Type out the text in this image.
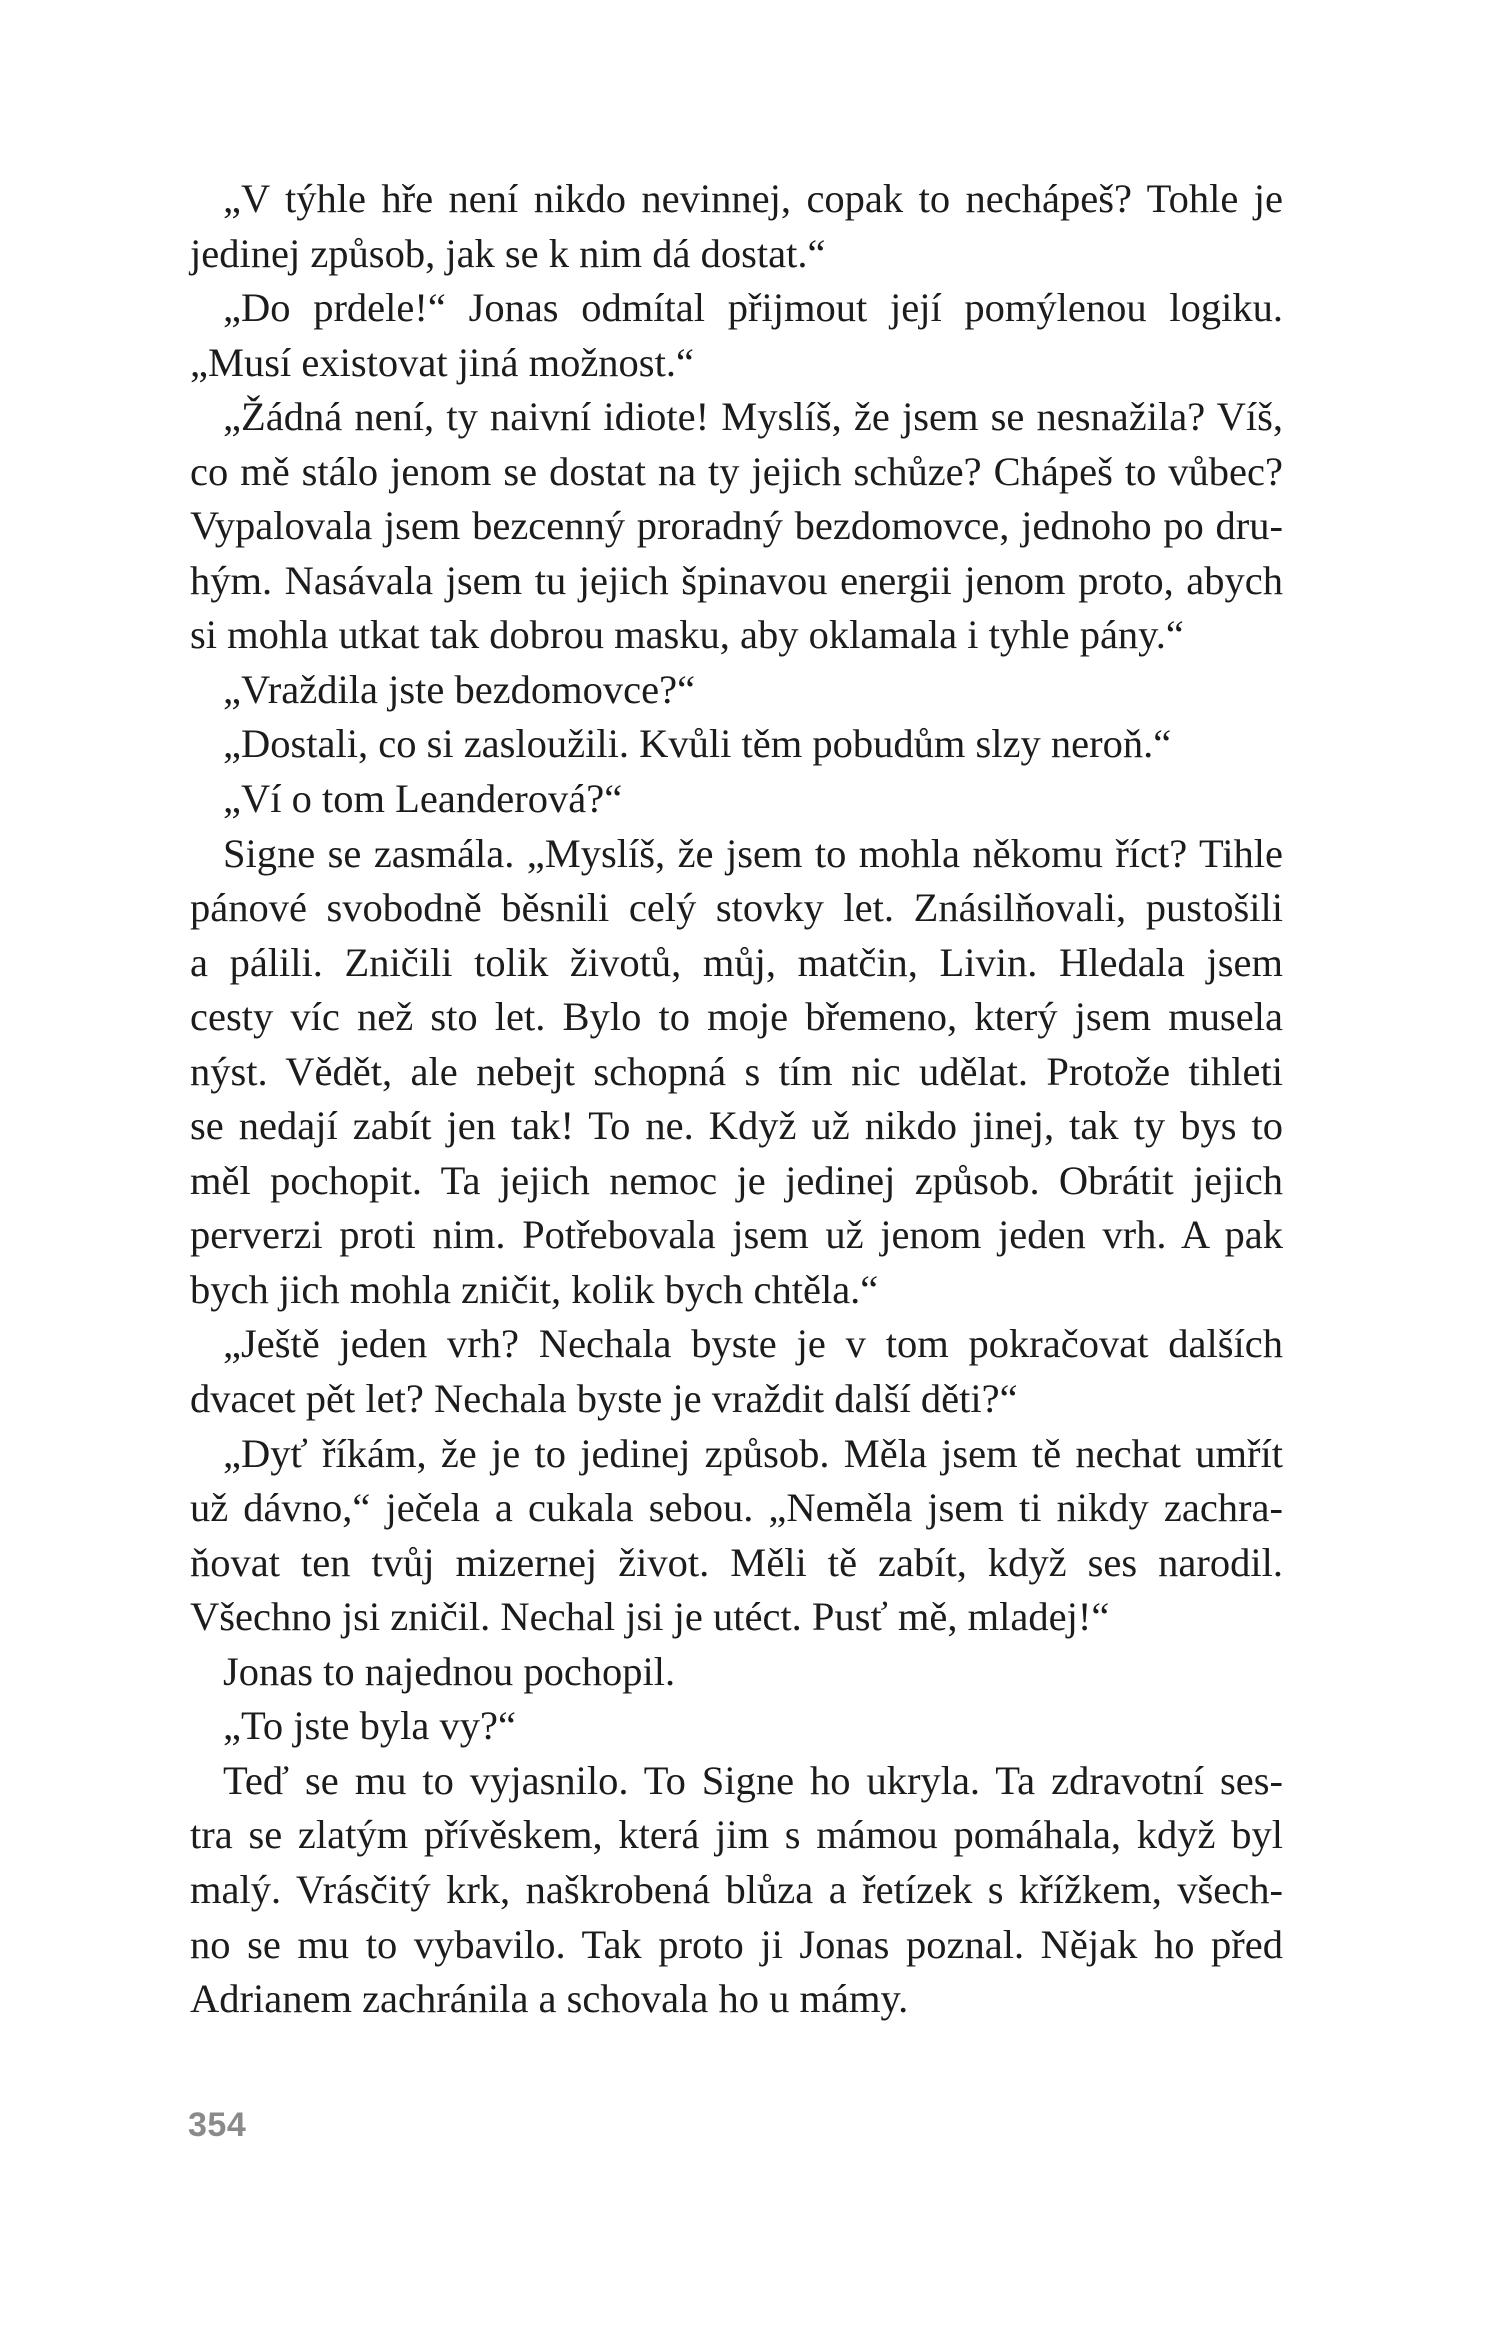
„V týhle hře není nikdo nevinnej, copak to nechápeš? Tohle je
jedinej způsob, jak se k nim dá dostat.“
„Do prdele!“ Jonas odmítal přijmout její pomýlenou logiku.
„Musí existovat jiná možnost.“
„Žádná není, ty naivní idiote! Myslíš, že jsem se nesnažila? Víš,
co mě stálo jenom se dostat na ty jejich schůze? Chápeš to vůbec?
Vypalovala jsem bezcenný proradný bezdomovce, jednoho po dru-
hým. Nasávala jsem tu jejich špinavou energii jenom proto, abych
si mohla utkat tak dobrou masku, aby oklamala i tyhle pány.“
„Vraždila jste bezdomovce?“
„Dostali, co si zasloužili. Kvůli těm pobudům slzy neroň.“
„Ví o tom Leanderová?“
Signe se zasmála. „Myslíš, že jsem to mohla někomu říct? Tihle
pánové svobodně běsnili celý stovky let. Znásilňovali, pustošili
a pálili. Zničili tolik životů, můj, matčin, Livin. Hledala jsem
cesty víc než sto let. Bylo to moje břemeno, který jsem musela
nýst. Vědět, ale nebejt schopná s tím nic udělat. Protože tihleti
se nedají zabít jen tak! To ne. Když už nikdo jinej, tak ty bys to
měl pochopit. Ta jejich nemoc je jedinej způsob. Obrátit jejich
perverzi proti nim. Potřebovala jsem už jenom jeden vrh. A pak
bych jich mohla zničit, kolik bych chtěla.“
„Ještě jeden vrh? Nechala byste je v tom pokračovat dalších
dvacet pět let? Nechala byste je vraždit další děti?“
„Dyť říkám, že je to jedinej způsob. Měla jsem tě nechat umřít
už dávno,“ ječela a cukala sebou. „Neměla jsem ti nikdy zachra-
ňovat ten tvůj mizernej život. Měli tě zabít, když ses narodil.
Všechno jsi zničil. Nechal jsi je utéct. Pusť mě, mladej!“
Jonas to najednou pochopil.
„To jste byla vy?“
Teď se mu to vyjasnilo. To Signe ho ukryla. Ta zdravotní ses-
tra se zlatým přívěskem, která jim s mámou pomáhala, když byl
malý. Vrásčitý krk, naškrobená blůza a řetízek s křížkem, všech-
no se mu to vybavilo. Tak proto ji Jonas poznal. Nějak ho před
Adrianem zachránila a schovala ho u mámy.
354
